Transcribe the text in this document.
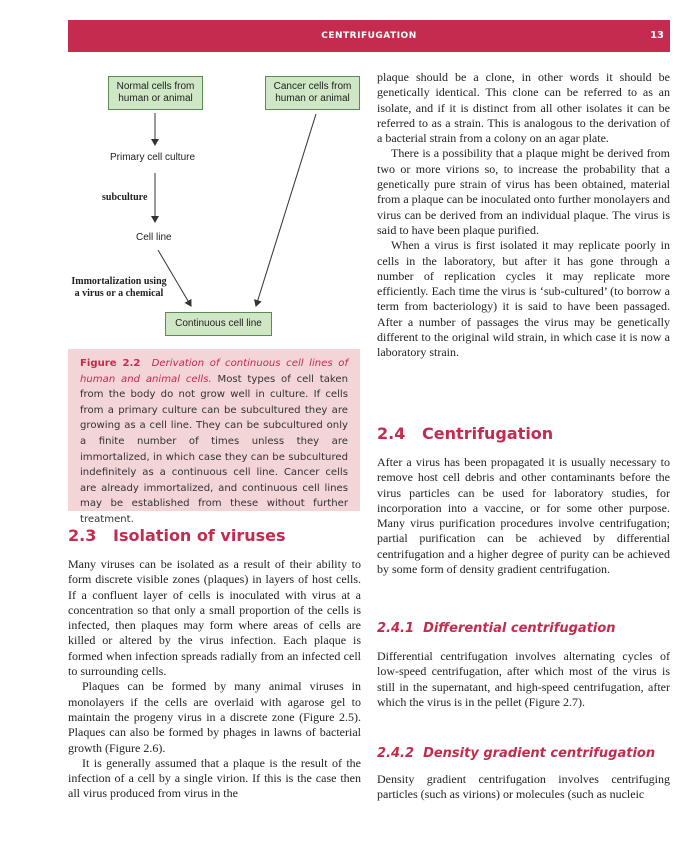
CENTRIFUGATION	13
Normal cells from human or animal
Cancer cells from human or animal
Primary cell culture
subculture
Cell line
Immortalization using a virus or a chemical
Continuous cell line
Figure 2.2 Derivation of continuous cell lines of human and animal cells. Most types of cell taken from the body do not grow well in culture. If cells from a primary culture can be subcultured they are growing as a cell line. They can be subcultured only a finite number of times unless they are immortalized, in which case they can be subcultured indefinitely as a continuous cell line. Cancer cells are already immortalized, and continuous cell lines may be established from these without further treatment.
2.3   Isolation of viruses

Many viruses can be isolated as a result of their ability to form discrete visible zones (plaques) in layers of host cells. If a confluent layer of cells is inoculated with virus at a concentration so that only a small proportion of the cells is infected, then plaques may form where areas of cells are killed or altered by the virus infection. Each plaque is formed when infection spreads radially from an infected cell to surrounding cells.

Plaques can be formed by many animal viruses in monolayers if the cells are overlaid with agarose gel to maintain the progeny virus in a discrete zone (Figure 2.5). Plaques can also be formed by phages in lawns of bacterial growth (Figure 2.6).

It is generally assumed that a plaque is the result of the infection of a cell by a single virion. If this is the case then all virus produced from virus in the

plaque should be a clone, in other words it should be genetically identical. This clone can be referred to as an isolate, and if it is distinct from all other isolates it can be referred to as a strain. This is analogous to the derivation of a bacterial strain from a colony on an agar plate.

There is a possibility that a plaque might be derived from two or more virions so, to increase the probability that a genetically pure strain of virus has been obtained, material from a plaque can be inoculated onto further monolayers and virus can be derived from an individual plaque. The virus is said to have been plaque purified.

When a virus is first isolated it may replicate poorly in cells in the laboratory, but after it has gone through a number of replication cycles it may replicate more efficiently. Each time the virus is ‘sub-cultured’ (to borrow a term from bacteriology) it is said to have been passaged. After a number of passages the virus may be genetically different to the original wild strain, in which case it is now a laboratory strain.

2.4   Centrifugation

After a virus has been propagated it is usually necessary to remove host cell debris and other contaminants before the virus particles can be used for laboratory studies, for incorporation into a vaccine, or for some other purpose. Many virus purification procedures involve centrifugation; partial purification can be achieved by differential centrifugation and a higher degree of purity can be achieved by some form of density gradient centrifugation.

2.4.1  Differential centrifugation

Differential centrifugation involves alternating cycles of low-speed centrifugation, after which most of the virus is still in the supernatant, and high-speed centrifugation, after which the virus is in the pellet (Figure 2.7).

2.4.2  Density gradient centrifugation

Density gradient centrifugation involves centrifuging particles (such as virions) or molecules (such as nucleic
